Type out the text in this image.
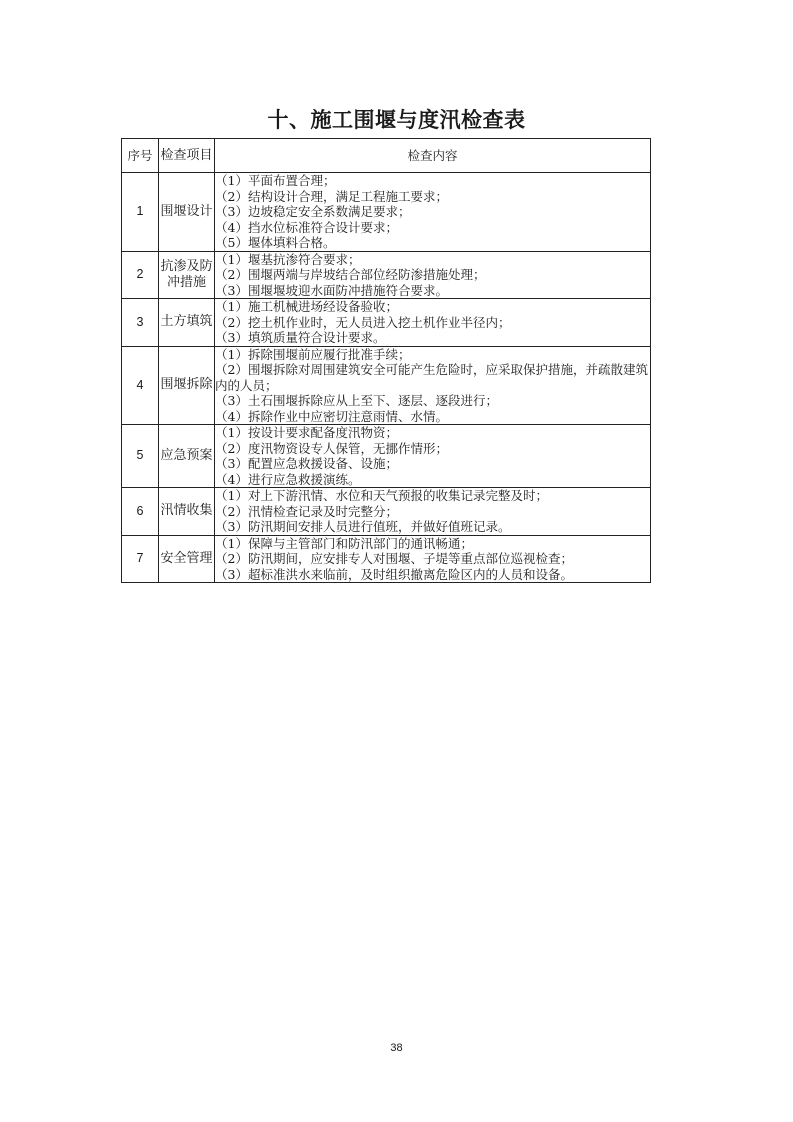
十、施工围堰与度汛检查表
序号	检查项目	检查内容
1	围堰设计	（1）平面布置合理；
（2）结构设计合理，满足工程施工要求；
（3）边坡稳定安全系数满足要求；
（4）挡水位标准符合设计要求；
（5）堰体填料合格。

2	抗渗及防冲措施	（1）堰基抗渗符合要求；
（2）围堰两端与岸坡结合部位经防渗措施处理；
（3）围堰堰坡迎水面防冲措施符合要求。

3	土方填筑	（1）施工机械进场经设备验收；
（2）挖土机作业时，无人员进入挖土机作业半径内；
（3）填筑质量符合设计要求。

4	围堰拆除	（1）拆除围堰前应履行批准手续；
（2）围堰拆除对周围建筑安全可能产生危险时，应采取保护措施，并疏散建筑内的人员；
（3）土石围堰拆除应从上至下、逐层、逐段进行；
（4）拆除作业中应密切注意雨情、水情。

5	应急预案	（1）按设计要求配备度汛物资；
（2）度汛物资设专人保管，无挪作情形；
（3）配置应急救援设备、设施；
（4）进行应急救援演练。

6	汛情收集	（1）对上下游汛情、水位和天气预报的收集记录完整及时；
（2）汛情检查记录及时完整分；
（3）防汛期间安排人员进行值班，并做好值班记录。

7	安全管理	（1）保障与主管部门和防汛部门的通讯畅通；
（2）防汛期间，应安排专人对围堰、子堤等重点部位巡视检查；
（3）超标准洪水来临前，及时组织撤离危险区内的人员和设备。
38
